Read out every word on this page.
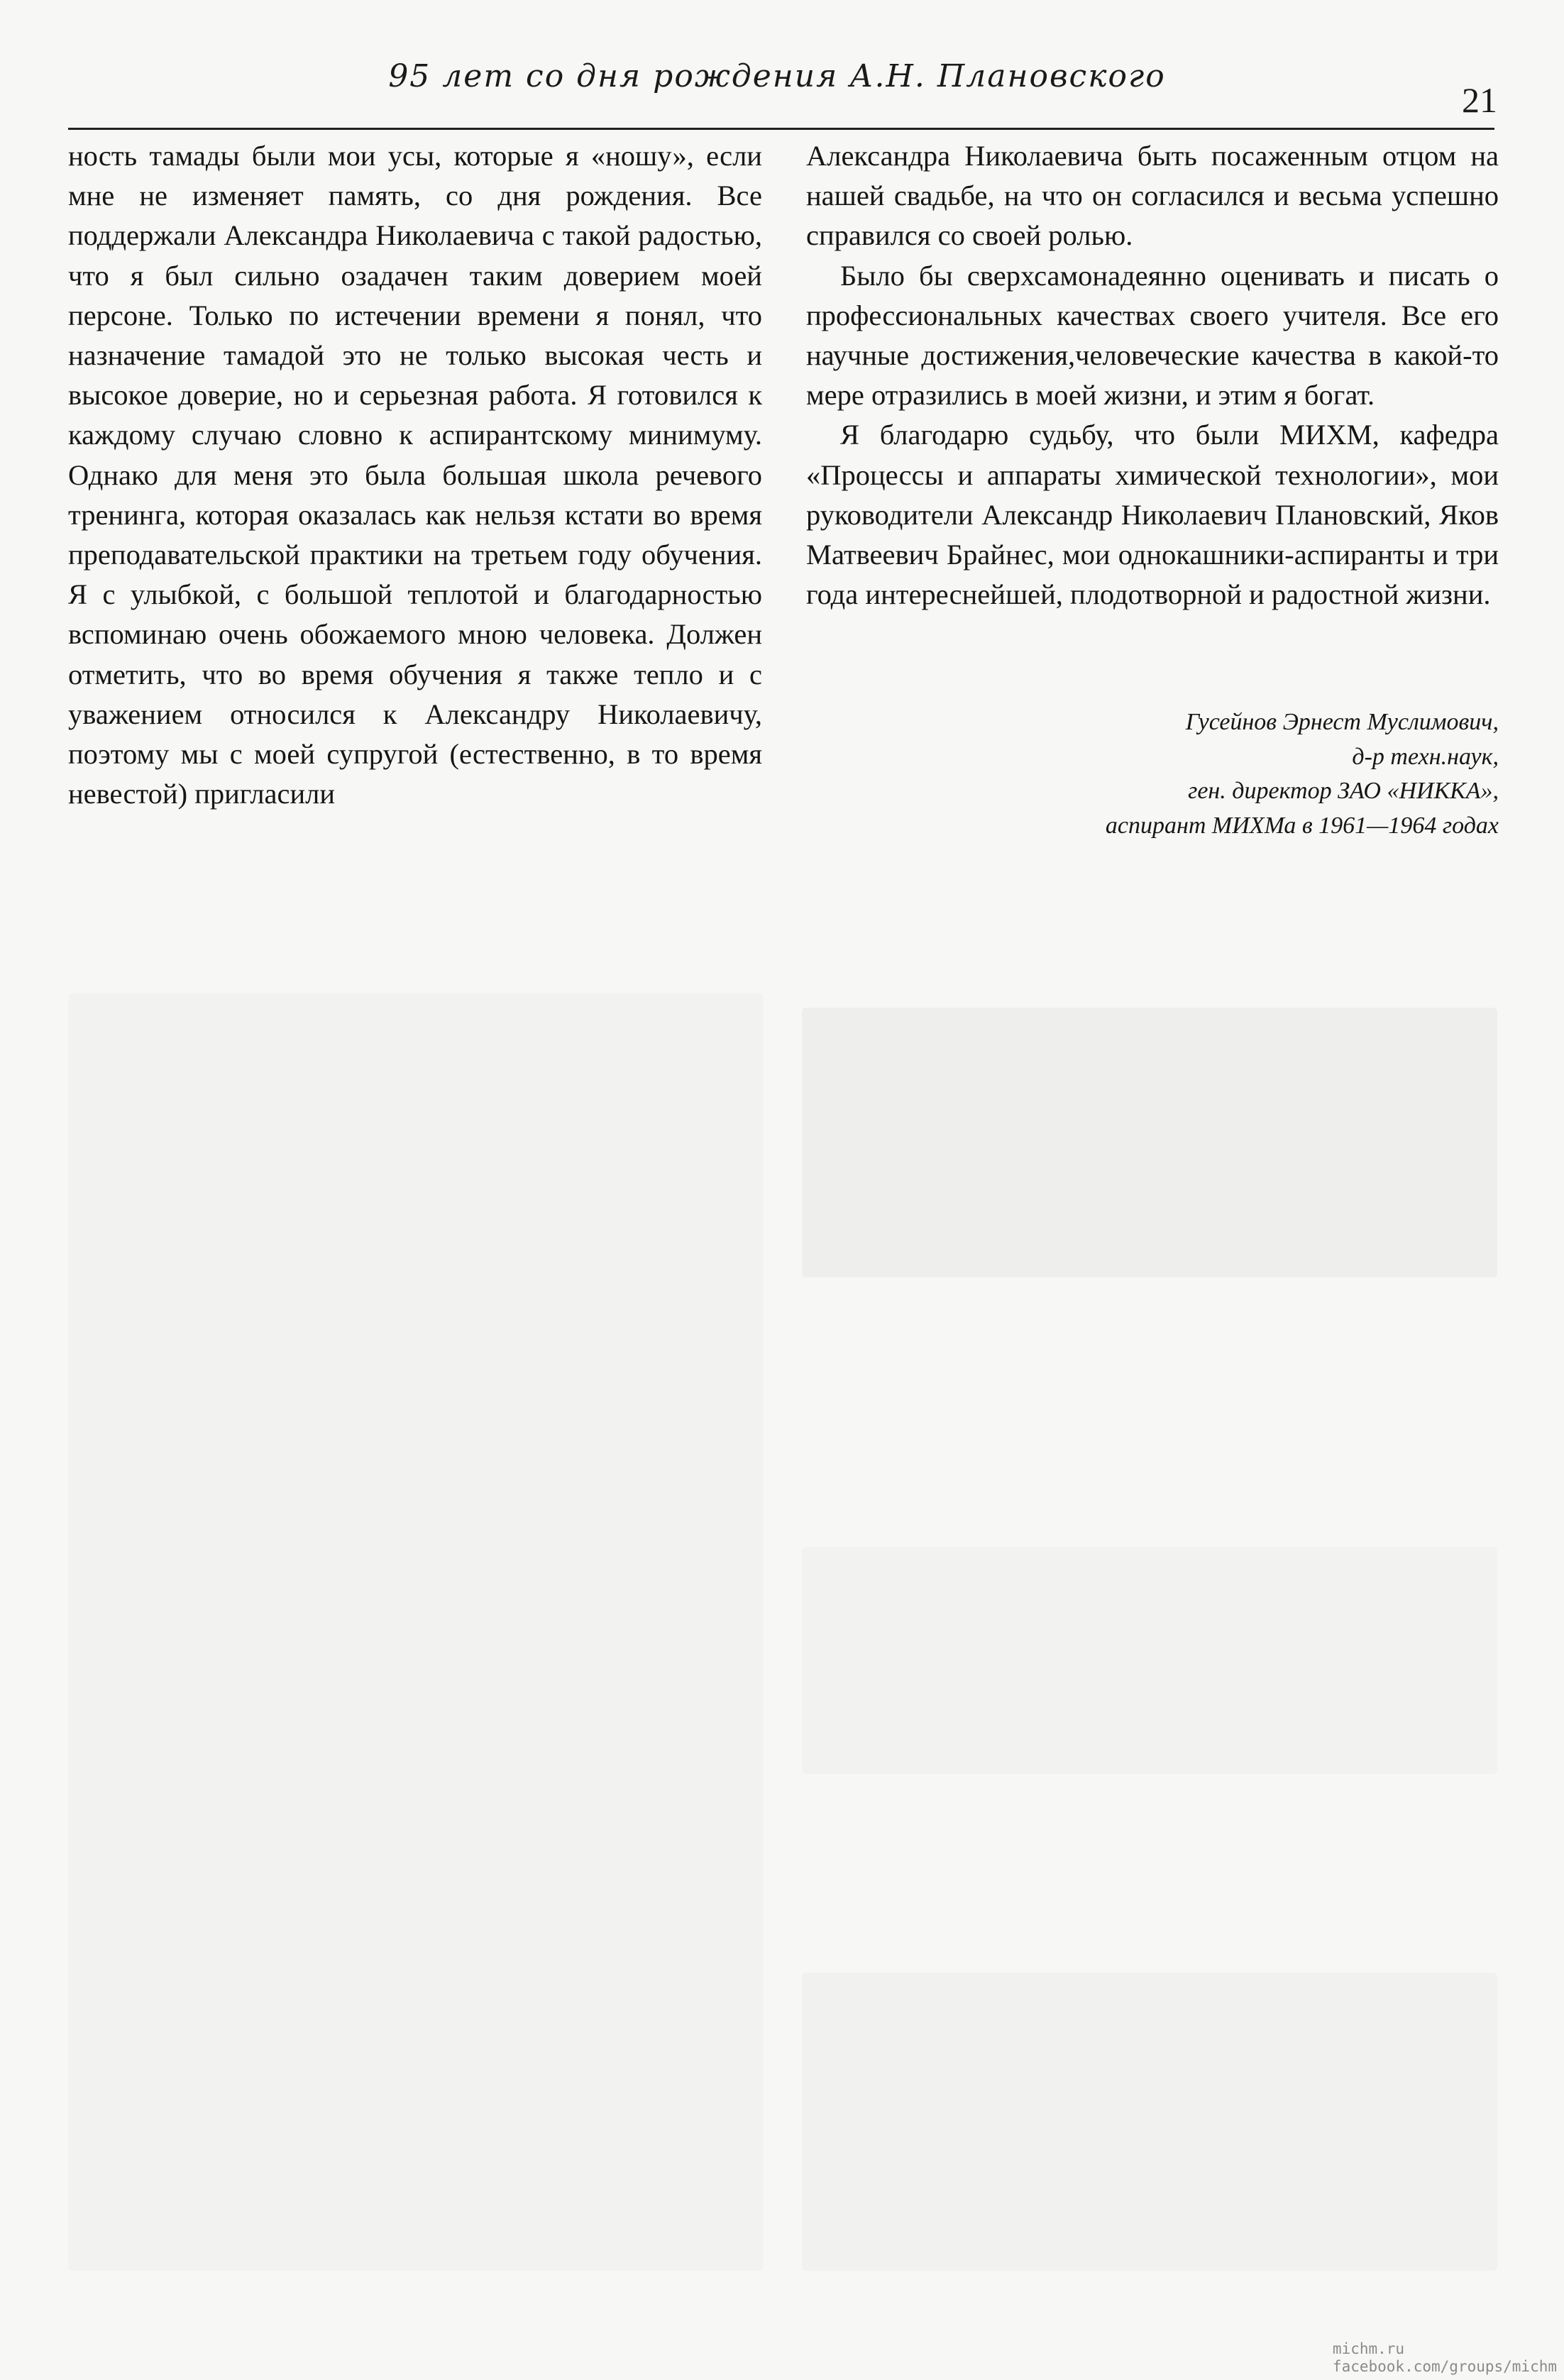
95 лет со дня рождения А.Н. Плановского
21

ность тамады были мои усы, которые я «ношу», если мне не изменяет память, со дня рождения. Все поддержали Александра Николаевича с такой радостью, что я был сильно озадачен таким доверием моей персоне. Только по истечении времени я понял, что назначение тамадой это не только высокая честь и высокое доверие, но и серьезная работа. Я готовился к каждому случаю словно к аспирантскому минимуму. Однако для меня это была большая школа речевого тренинга, которая оказалась как нельзя кстати во время преподавательской практики на третьем году обучения. Я с улыбкой, с большой теплотой и благодарностью вспоминаю очень обожаемого мною человека. Должен отметить, что во время обучения я также тепло и с уважением относился к Александру Николаевичу, поэтому мы с моей супругой (естественно, в то время невестой) пригласили

Александра Николаевича быть посаженным отцом на нашей свадьбе, на что он согласился и весьма успешно справился со своей ролью.

Было бы сверхсамонадеянно оценивать и писать о профессиональных качествах своего учителя. Все его научные достижения,человеческие качества в какой-то мере отразились в моей жизни, и этим я богат.

Я благодарю судьбу, что были МИХМ, кафедра «Процессы и аппараты химической технологии», мои руководители Александр Николаевич Плановский, Яков Матвеевич Брайнес, мои однокашники-аспиранты и три года интереснейшей, плодотворной и радостной жизни.

Гусейнов Эрнест Муслимович,
д-р техн.наук,
ген. директор ЗАО «НИККА»,
аспирант МИХМа в 1961—1964 годах
michm.ru
facebook.com/groups/michm
